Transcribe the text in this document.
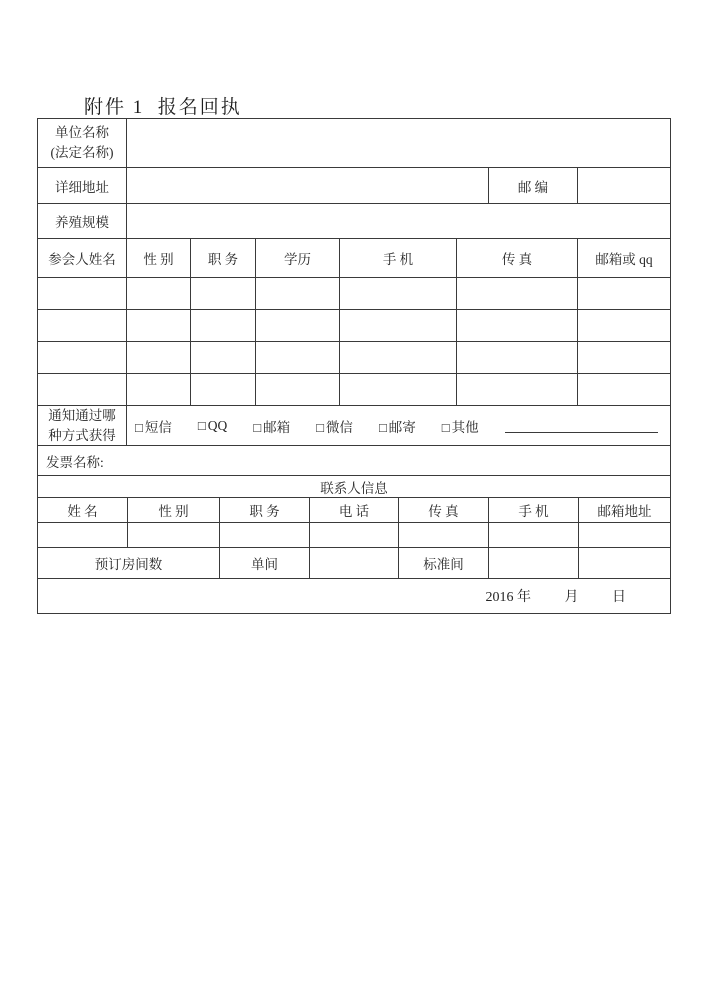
附件 1  报名回执
单位名称
(法定名称)			

详细地址		邮 编	
养殖规模			
参会人姓名	性 别	职 务	学历	手 机	传 真	邮箱或 qq

通知通过哪
种方式获得

□ 短信 □ QQ □ 邮箱 □ 微信 □ 邮寄 □ 其他
发票名称:
联系人信息						
姓 名	性 别	职 务	电 话	传 真	手 机	邮箱地址

预订房间数	单间		标准间		
2016 年 月 日
